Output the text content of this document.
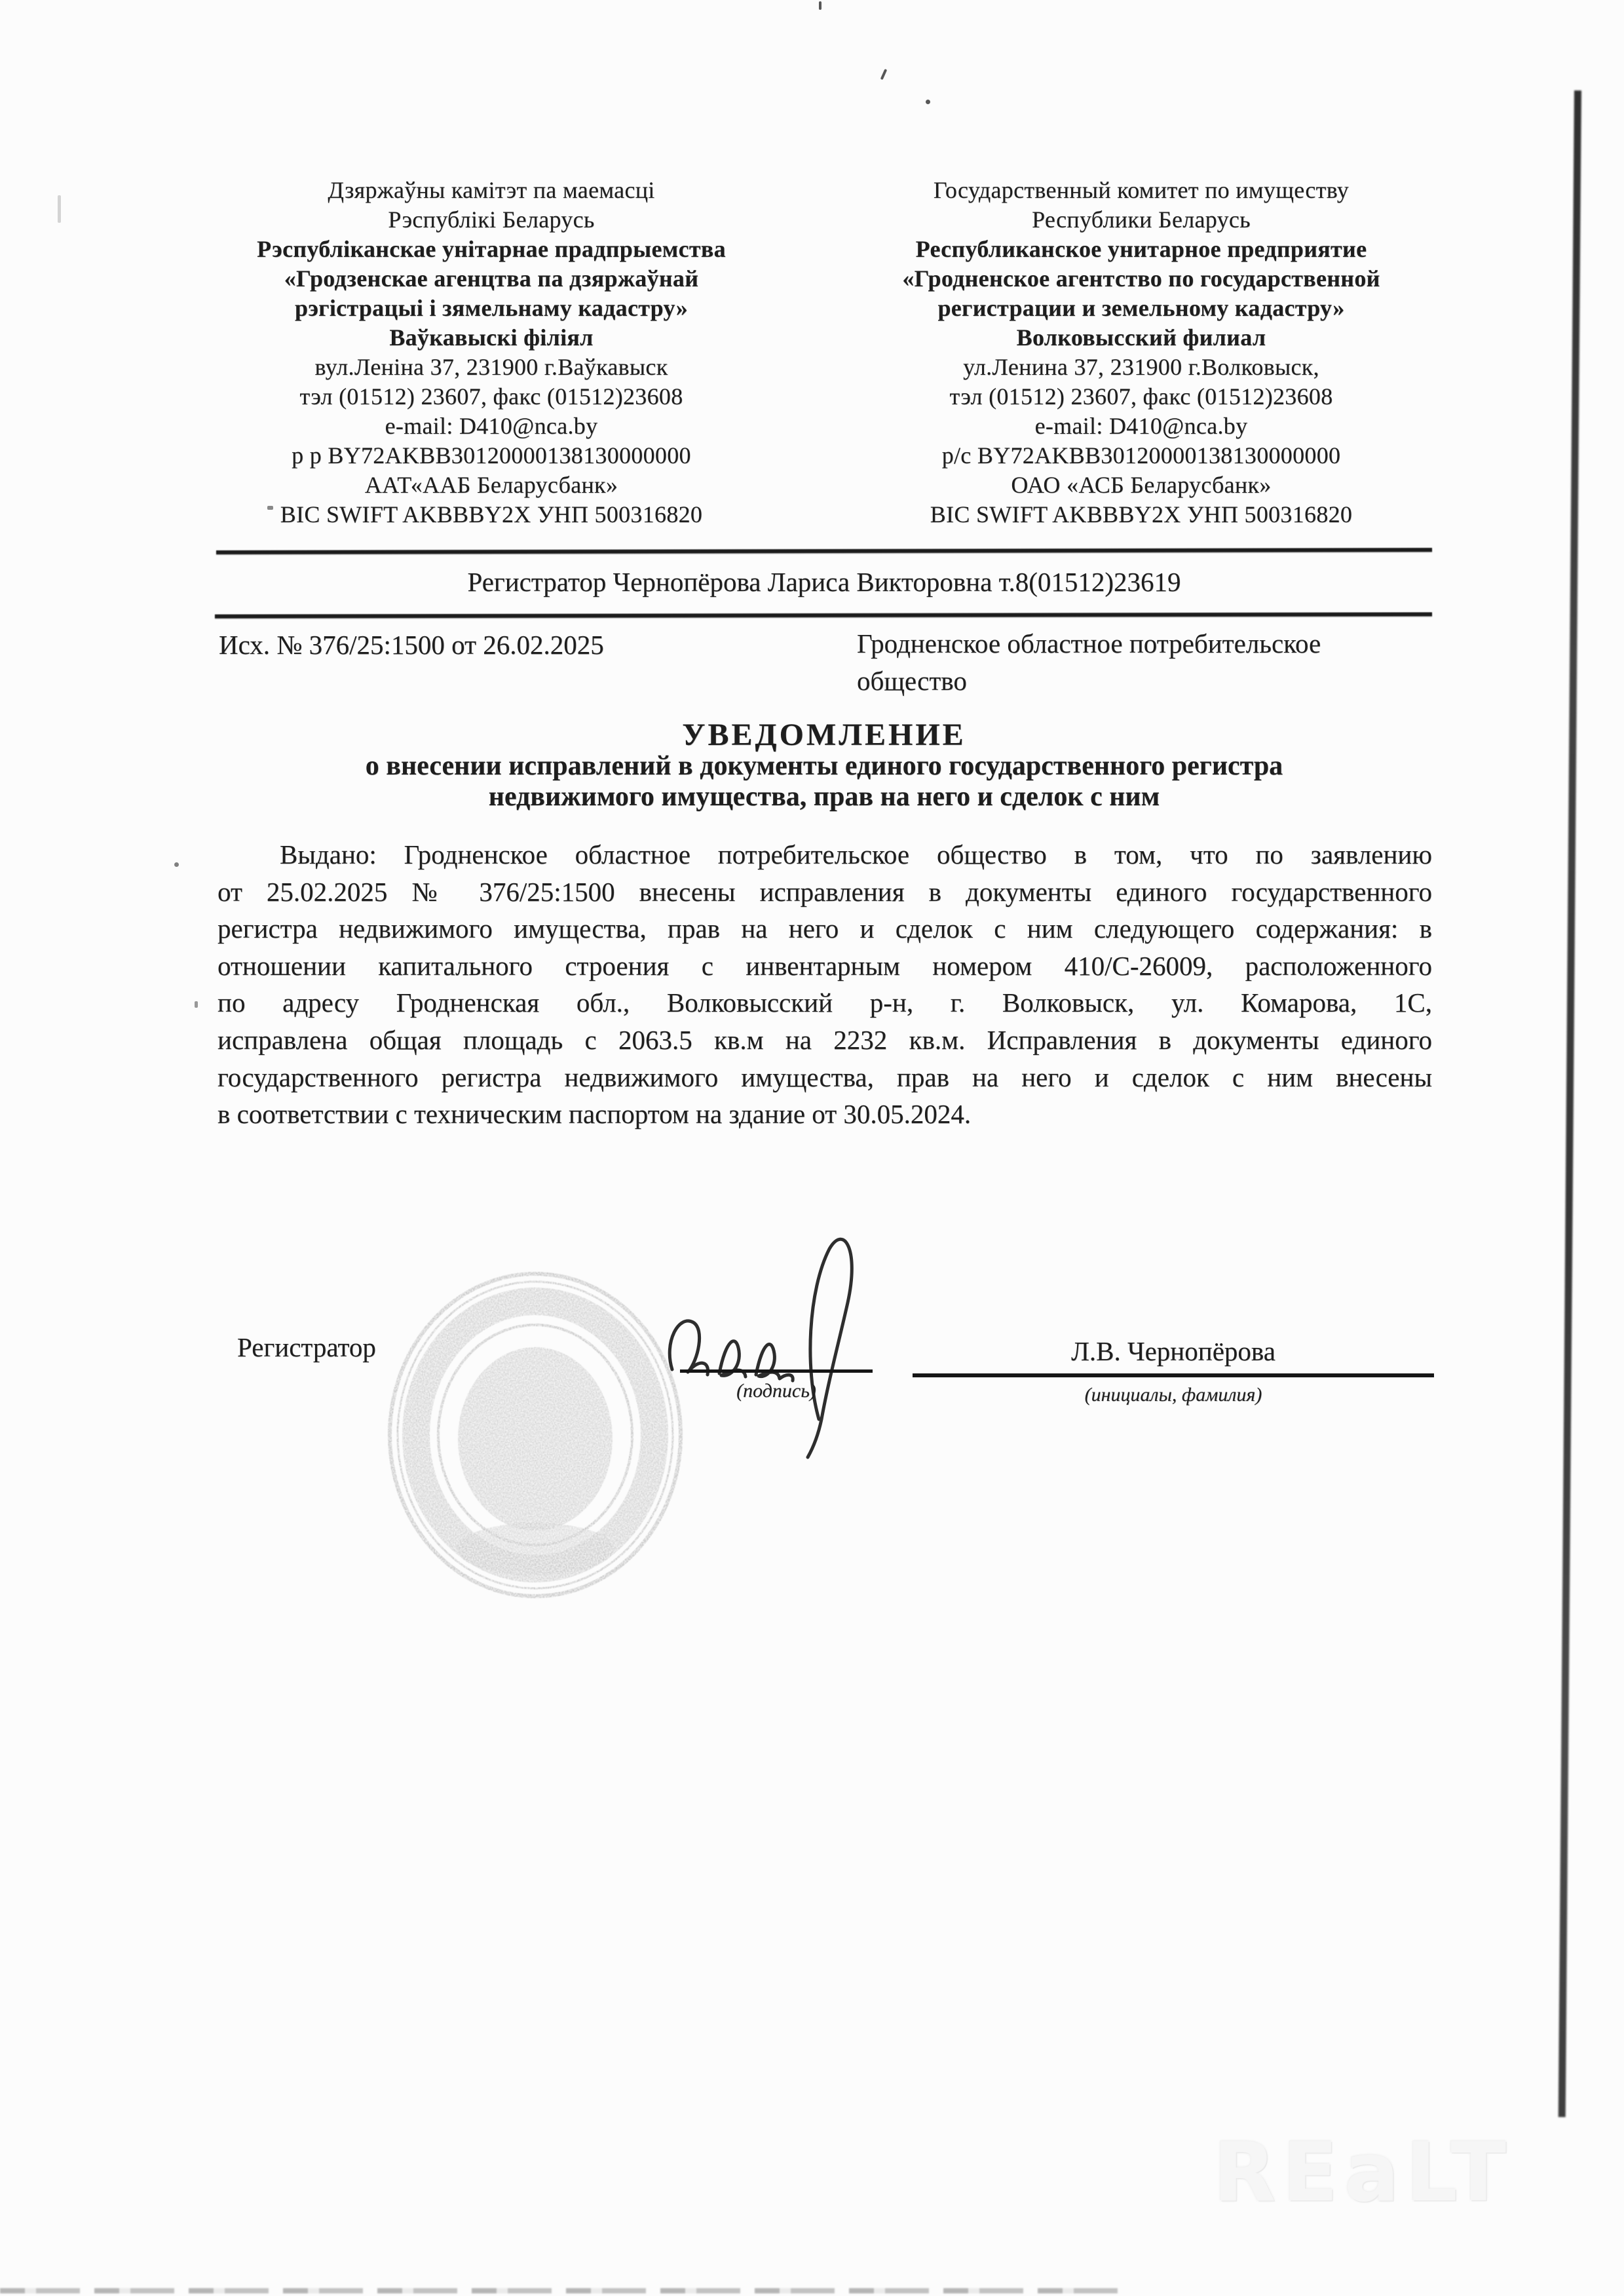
Дзяржаўны камітэт па маемасці
Рэспублікі Беларусь
Рэспубліканскае унітарнае прадпрыемства
«Гродзенскае агенцтва па дзяржаўнай
рэгістрацыі і зямельнаму кадастру»
Ваўкавыскі філіял
вул.Леніна 37, 231900 г.Ваўкавыск
тэл (01512) 23607, факс (01512)23608
e-mail: D410@nca.by
р р BY72AKBB30120000138130000000
ААТ«ААБ Беларусбанк»
BIC SWIFT AKBBBY2X УНП 500316820
Государственный комитет по имуществу
Республики Беларусь
Республиканское унитарное предприятие
«Гродненское агентство по государственной
регистрации и земельному кадастру»
Волковысский филиал
ул.Ленина 37, 231900 г.Волковыск,
тэл (01512) 23607, факс (01512)23608
e-mail: D410@nca.by
р/с BY72AKBB30120000138130000000
ОАО «АСБ Беларусбанк»
BIC SWIFT AKBBBY2X УНП 500316820
Регистратор Чернопёрова Лариса Викторовна т.8(01512)23619
Исх. № 376/25:1500 от 26.02.2025	Гродненское областное потребительское
общество
УВЕДОМЛЕНИЕ
о внесении исправлений в документы единого государственного регистра
недвижимого имущества, прав на него и сделок с ним
Выдано: Гродненское областное потребительское общество в том, что по заявлению
от 25.02.2025 № 376/25:1500 внесены исправления в документы единого государственного
регистра недвижимого имущества, прав на него и сделок с ним следующего содержания: в
отношении капитального строения с инвентарным номером 410/С-26009, расположенного
по адресу Гродненская обл., Волковысский р-н, г. Волковыск, ул. Комарова, 1С,
исправлена общая площадь с 2063.5 кв.м на 2232 кв.м. Исправления в документы единого
государственного регистра недвижимого имущества, прав на него и сделок с ним внесены
в соответствии с техническим паспортом на здание от 30.05.2024.
Регистратор
(подпись)
Л.В. Чернопёрова
(инициалы, фамилия)
REaLT
